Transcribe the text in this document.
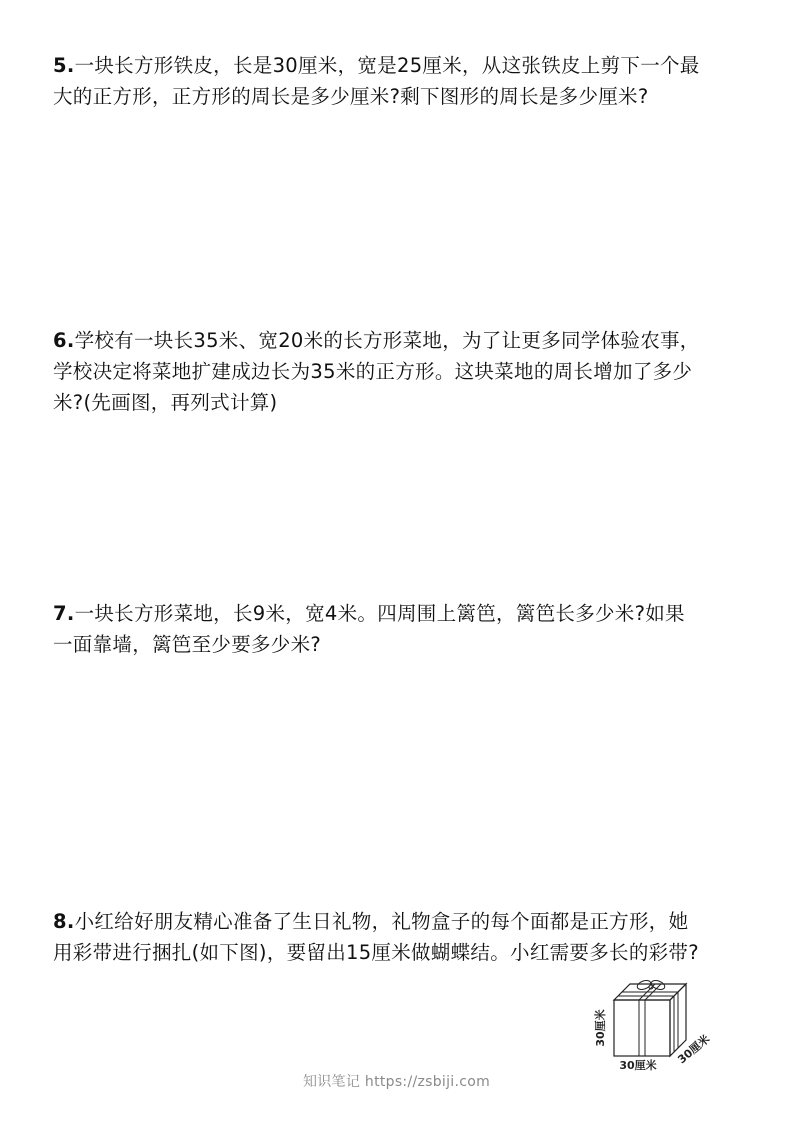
5.一块长方形铁皮，长是30厘米，宽是25厘米，从这张铁皮上剪下一个最
大的正方形，正方形的周长是多少厘米?剩下图形的周长是多少厘米?
6.学校有一块长35米、宽20米的长方形菜地，为了让更多同学体验农事，
学校决定将菜地扩建成边长为35米的正方形。这块菜地的周长增加了多少
米?(先画图，再列式计算)
7.一块长方形菜地，长9米，宽4米。四周围上篱笆，篱笆长多少米?如果
一面靠墙，篱笆至少要多少米?
8.小红给好朋友精心准备了生日礼物，礼物盒子的每个面都是正方形，她
用彩带进行捆扎(如下图)，要留出15厘米做蝴蝶结。小红需要多长的彩带?
30厘米
30厘米 30厘米
知识笔记 https://zsbiji.com
